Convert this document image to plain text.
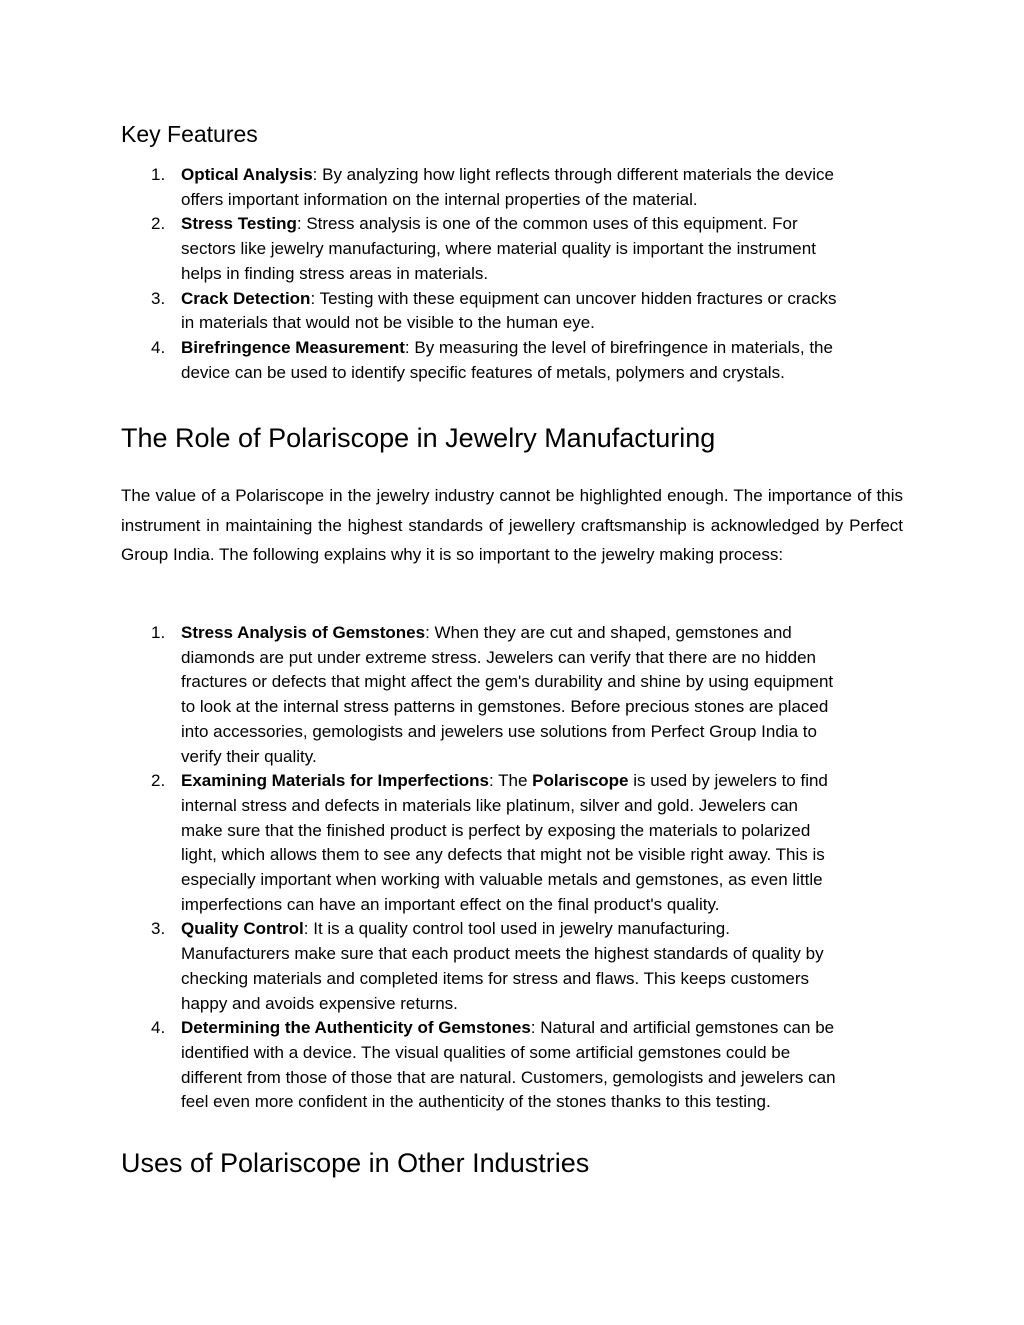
Key Features
1. Optical Analysis: By analyzing how light reflects through different materials the device offers important information on the internal properties of the material.
2. Stress Testing: Stress analysis is one of the common uses of this equipment. For sectors like jewelry manufacturing, where material quality is important the instrument helps in finding stress areas in materials.
3. Crack Detection: Testing with these equipment can uncover hidden fractures or cracks in materials that would not be visible to the human eye.
4. Birefringence Measurement: By measuring the level of birefringence in materials, the device can be used to identify specific features of metals, polymers and crystals.
The Role of Polariscope in Jewelry Manufacturing

The value of a Polariscope in the jewelry industry cannot be highlighted enough. The importance of this instrument in maintaining the highest standards of jewellery craftsmanship is acknowledged by Perfect Group India. The following explains why it is so important to the jewelry making process:

1. Stress Analysis of Gemstones: When they are cut and shaped, gemstones and diamonds are put under extreme stress. Jewelers can verify that there are no hidden fractures or defects that might affect the gem's durability and shine by using equipment to look at the internal stress patterns in gemstones. Before precious stones are placed into accessories, gemologists and jewelers use solutions from Perfect Group India to verify their quality.
2. Examining Materials for Imperfections: The Polariscope is used by jewelers to find internal stress and defects in materials like platinum, silver and gold. Jewelers can make sure that the finished product is perfect by exposing the materials to polarized light, which allows them to see any defects that might not be visible right away. This is especially important when working with valuable metals and gemstones, as even little imperfections can have an important effect on the final product's quality.
3. Quality Control: It is a quality control tool used in jewelry manufacturing. Manufacturers make sure that each product meets the highest standards of quality by checking materials and completed items for stress and flaws. This keeps customers happy and avoids expensive returns.
4. Determining the Authenticity of Gemstones: Natural and artificial gemstones can be identified with a device. The visual qualities of some artificial gemstones could be different from those of those that are natural. Customers, gemologists and jewelers can feel even more confident in the authenticity of the stones thanks to this testing.
Uses of Polariscope in Other Industries
